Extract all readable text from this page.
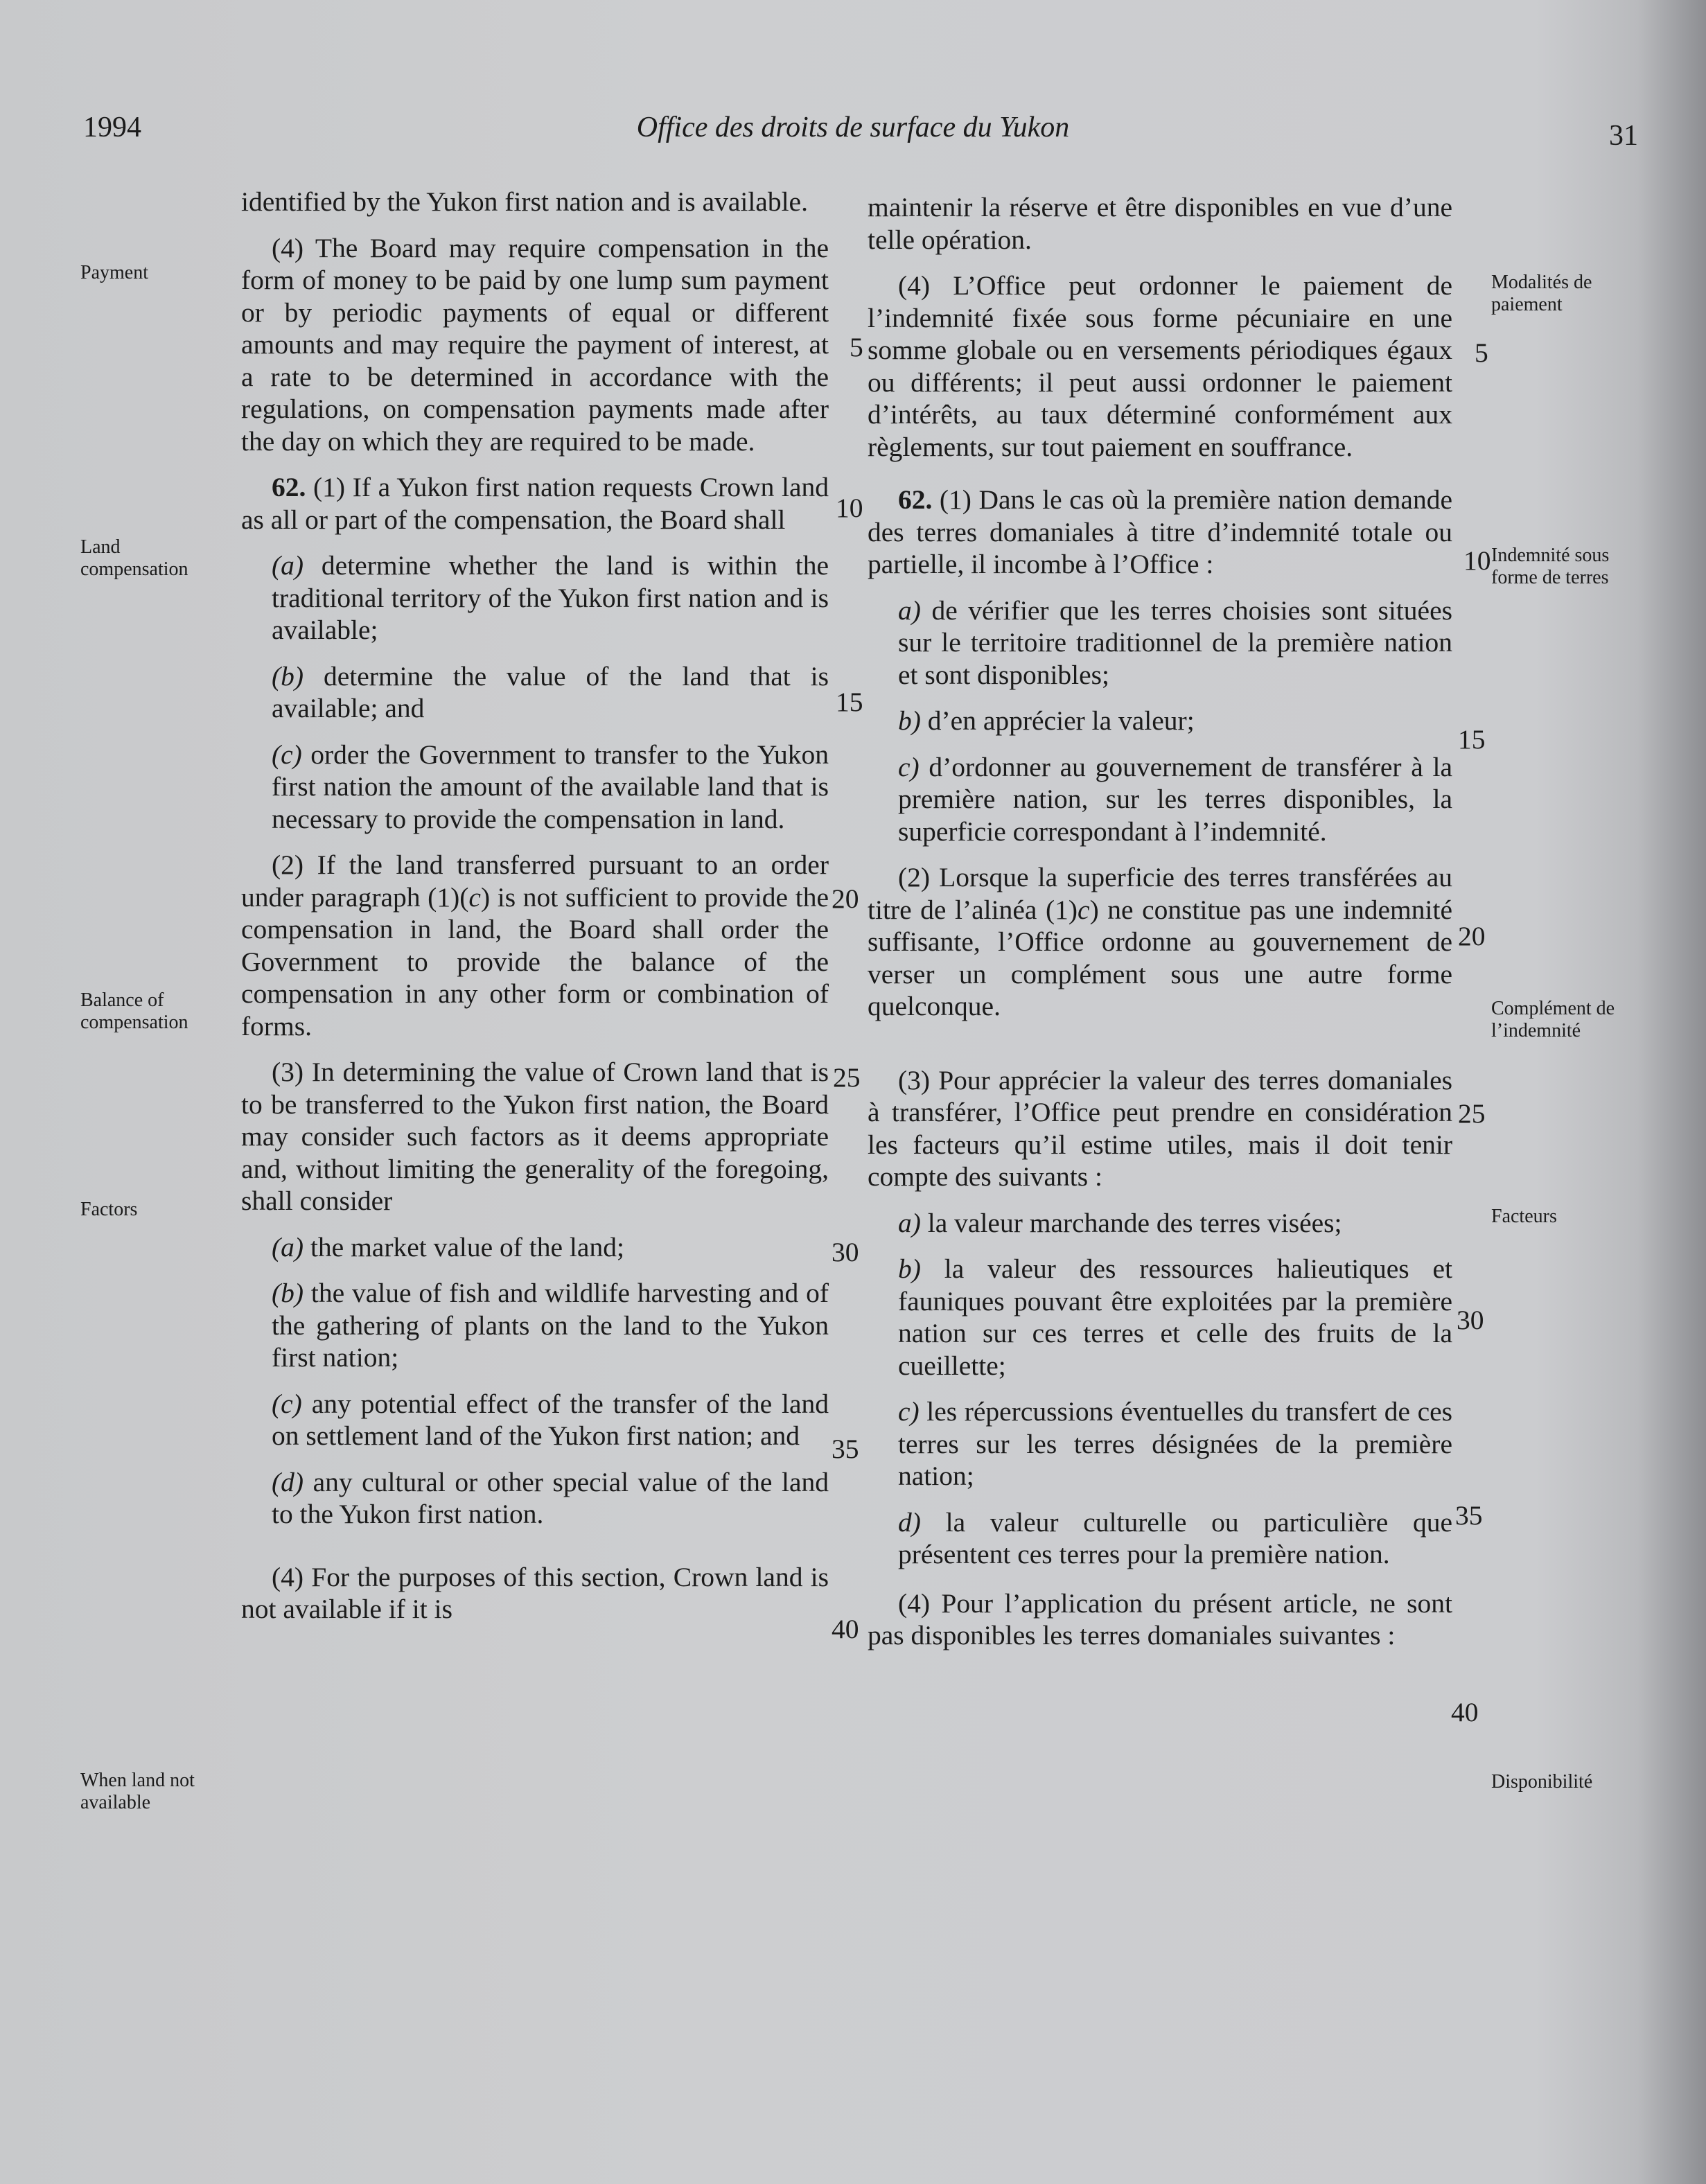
1994	Office des droits de surface du Yukon	31
Payment
Land compensation
Balance of compensation
Factors
When land not available
Modalités de paiement
Indemnité sous forme de terres
Complément de l’indemnité
Facteurs
Disponibilité
5
10
15
20
25
30
35
40
5
10
15
20
25
30
35
40

identified by the Yukon first nation and is available.

(4) The Board may require compensation in the form of money to be paid by one lump sum payment or by periodic payments of equal or different amounts and may require the payment of interest, at a rate to be determined in accordance with the regulations, on compensation payments made after the day on which they are required to be made.

62. (1) If a Yukon first nation requests Crown land as all or part of the compensation, the Board shall

(a) determine whether the land is within the traditional territory of the Yukon first nation and is available;

(b) determine the value of the land that is available; and

(c) order the Government to transfer to the Yukon first nation the amount of the available land that is necessary to provide the compensation in land.

(2) If the land transferred pursuant to an order under paragraph (1)(c) is not sufficient to provide the compensation in land, the Board shall order the Government to provide the balance of the compensation in any other form or combination of forms.

(3) In determining the value of Crown land that is to be transferred to the Yukon first nation, the Board may consider such factors as it deems appropriate and, without limiting the generality of the foregoing, shall consider

(a) the market value of the land;

(b) the value of fish and wildlife harvesting and of the gathering of plants on the land to the Yukon first nation;

(c) any potential effect of the transfer of the land on settlement land of the Yukon first nation; and

(d) any cultural or other special value of the land to the Yukon first nation.

(4) For the purposes of this section, Crown land is not available if it is

maintenir la réserve et être disponibles en vue d’une telle opération.

(4) L’Office peut ordonner le paiement de l’indemnité fixée sous forme pécuniaire en une somme globale ou en versements périodiques égaux ou différents; il peut aussi ordonner le paiement d’intérêts, au taux déterminé conformément aux règlements, sur tout paiement en souffrance.

62. (1) Dans le cas où la première nation demande des terres domaniales à titre d’indemnité totale ou partielle, il incombe à l’Office :

a) de vérifier que les terres choisies sont situées sur le territoire traditionnel de la première nation et sont disponibles;

b) d’en apprécier la valeur;

c) d’ordonner au gouvernement de transférer à la première nation, sur les terres disponibles, la superficie correspondant à l’indemnité.

(2) Lorsque la superficie des terres transférées au titre de l’alinéa (1)c) ne constitue pas une indemnité suffisante, l’Office ordonne au gouvernement de verser un complément sous une autre forme quelconque.

(3) Pour apprécier la valeur des terres domaniales à transférer, l’Office peut prendre en considération les facteurs qu’il estime utiles, mais il doit tenir compte des suivants :

a) la valeur marchande des terres visées;

b) la valeur des ressources halieutiques et fauniques pouvant être exploitées par la première nation sur ces terres et celle des fruits de la cueillette;

c) les répercussions éventuelles du transfert de ces terres sur les terres désignées de la première nation;

d) la valeur culturelle ou particulière que présentent ces terres pour la première nation.

(4) Pour l’application du présent article, ne sont pas disponibles les terres domaniales suivantes :
